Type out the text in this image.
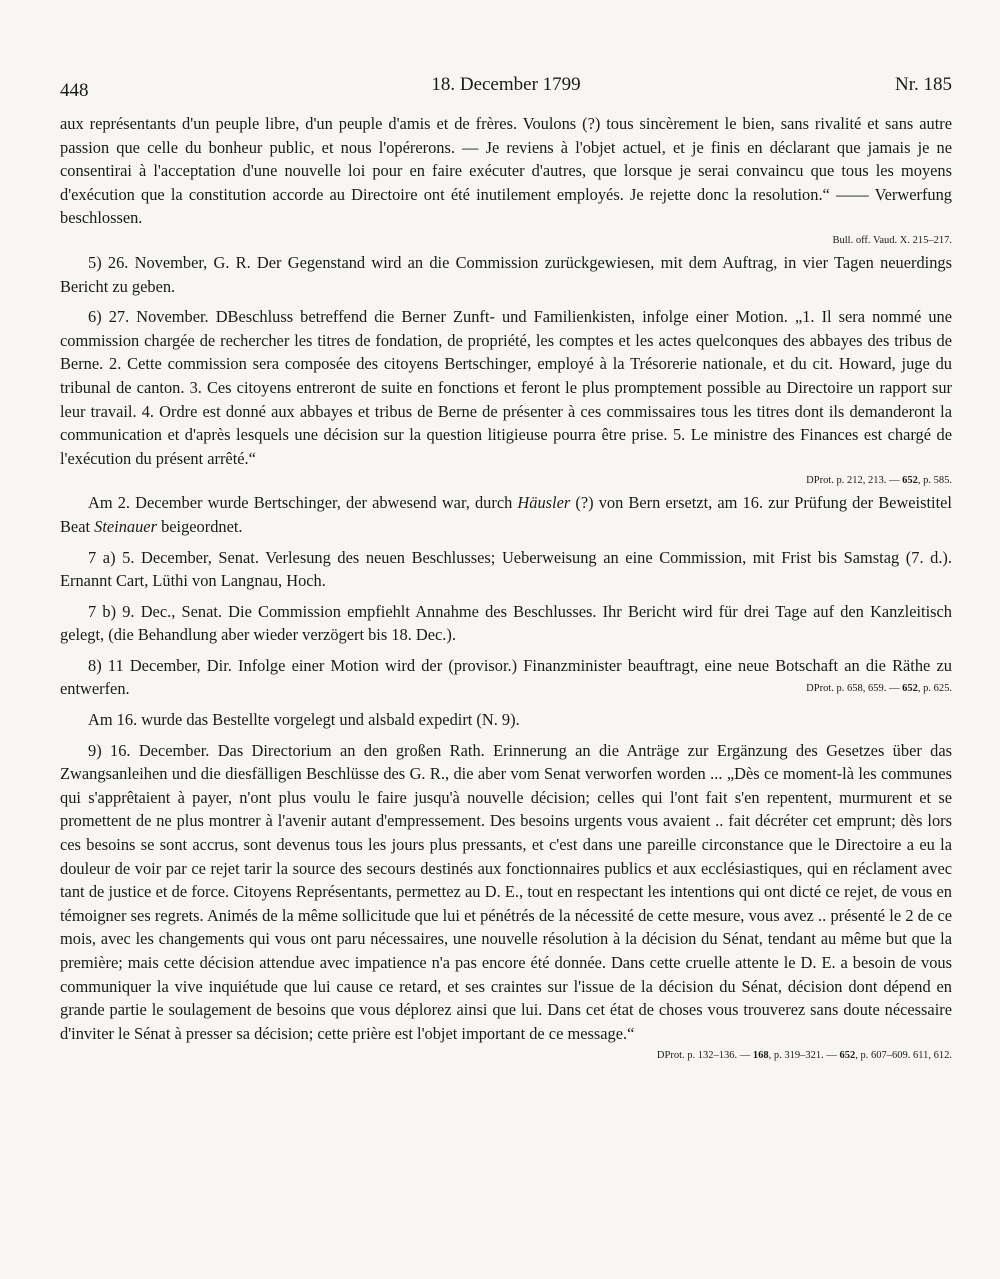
448	18. December 1799	Nr. 185

aux représentants d'un peuple libre, d'un peuple d'amis et de frères. Voulons (?) tous sincèrement le bien, sans rivalité et sans autre passion que celle du bonheur public, et nous l'opérerons. — Je reviens à l'objet actuel, et je finis en déclarant que jamais je ne consentirai à l'acceptation d'une nouvelle loi pour en faire exécuter d'autres, que lorsque je serai convaincu que tous les moyens d'exécution que la constitution accorde au Directoire ont été inutilement employés. Je rejette donc la resolution.“ —— Verwerfung beschlossen.

Bull. off. Vaud. X. 215–217.

5) 26. November, G. R. Der Gegenstand wird an die Commission zurückgewiesen, mit dem Auftrag, in vier Tagen neuerdings Bericht zu geben.

6) 27. November. DBeschluss betreffend die Berner Zunft- und Familienkisten, infolge einer Motion. „1. Il sera nommé une commission chargée de rechercher les titres de fondation, de propriété, les comptes et les actes quelconques des abbayes des tribus de Berne. 2. Cette commission sera composée des citoyens Bertschinger, employé à la Trésorerie nationale, et du cit. Howard, juge du tribunal de canton. 3. Ces citoyens entreront de suite en fonctions et feront le plus promptement possible au Directoire un rapport sur leur travail. 4. Ordre est donné aux abbayes et tribus de Berne de présenter à ces commissaires tous les titres dont ils demanderont la communication et d'après lesquels une décision sur la question litigieuse pourra être prise. 5. Le ministre des Finances est chargé de l'exécution du présent arrêté.“

DProt. p. 212, 213. — 652, p. 585.

Am 2. December wurde Bertschinger, der abwesend war, durch Häusler (?) von Bern ersetzt, am 16. zur Prüfung der Beweistitel Beat Steinauer beigeordnet.

7 a) 5. December, Senat. Verlesung des neuen Beschlusses; Ueberweisung an eine Commission, mit Frist bis Samstag (7. d.). Ernannt Cart, Lüthi von Langnau, Hoch.

7 b) 9. Dec., Senat. Die Commission empfiehlt Annahme des Beschlusses. Ihr Bericht wird für drei Tage auf den Kanzleitisch gelegt, (die Behandlung aber wieder verzögert bis 18. Dec.).

8) 11 December, Dir. Infolge einer Motion wird der (provisor.) Finanzminister beauftragt, eine neue Botschaft an die Räthe zu entwerfen.	DProt. p. 658, 659. — 652, p. 625.

Am 16. wurde das Bestellte vorgelegt und alsbald expedirt (N. 9).

9) 16. December. Das Directorium an den großen Rath. Erinnerung an die Anträge zur Ergänzung des Gesetzes über das Zwangsanleihen und die diesfälligen Beschlüsse des G. R., die aber vom Senat verworfen worden ... „Dès ce moment-là les communes qui s'apprêtaient à payer, n'ont plus voulu le faire jusqu'à nouvelle décision; celles qui l'ont fait s'en repentent, murmurent et se promettent de ne plus montrer à l'avenir autant d'empressement. Des besoins urgents vous avaient .. fait décréter cet emprunt; dès lors ces besoins se sont accrus, sont devenus tous les jours plus pressants, et c'est dans une pareille circonstance que le Directoire a eu la douleur de voir par ce rejet tarir la source des secours destinés aux fonctionnaires publics et aux ecclésiastiques, qui en réclament avec tant de justice et de force. Citoyens Représentants, permettez au D. E., tout en respectant les intentions qui ont dicté ce rejet, de vous en témoigner ses regrets. Animés de la même sollicitude que lui et pénétrés de la nécessité de cette mesure, vous avez .. présenté le 2 de ce mois, avec les changements qui vous ont paru nécessaires, une nouvelle résolution à la décision du Sénat, tendant au même but que la première; mais cette décision attendue avec impatience n'a pas encore été donnée. Dans cette cruelle attente le D. E. a besoin de vous communiquer la vive inquiétude que lui cause ce retard, et ses craintes sur l'issue de la décision du Sénat, décision dont dépend en grande partie le soulagement de besoins que vous déplorez ainsi que lui. Dans cet état de choses vous trouverez sans doute nécessaire d'inviter le Sénat à presser sa décision; cette prière est l'objet important de ce message.“

DProt. p. 132–136. — 168, p. 319–321. — 652, p. 607–609. 611, 612.
